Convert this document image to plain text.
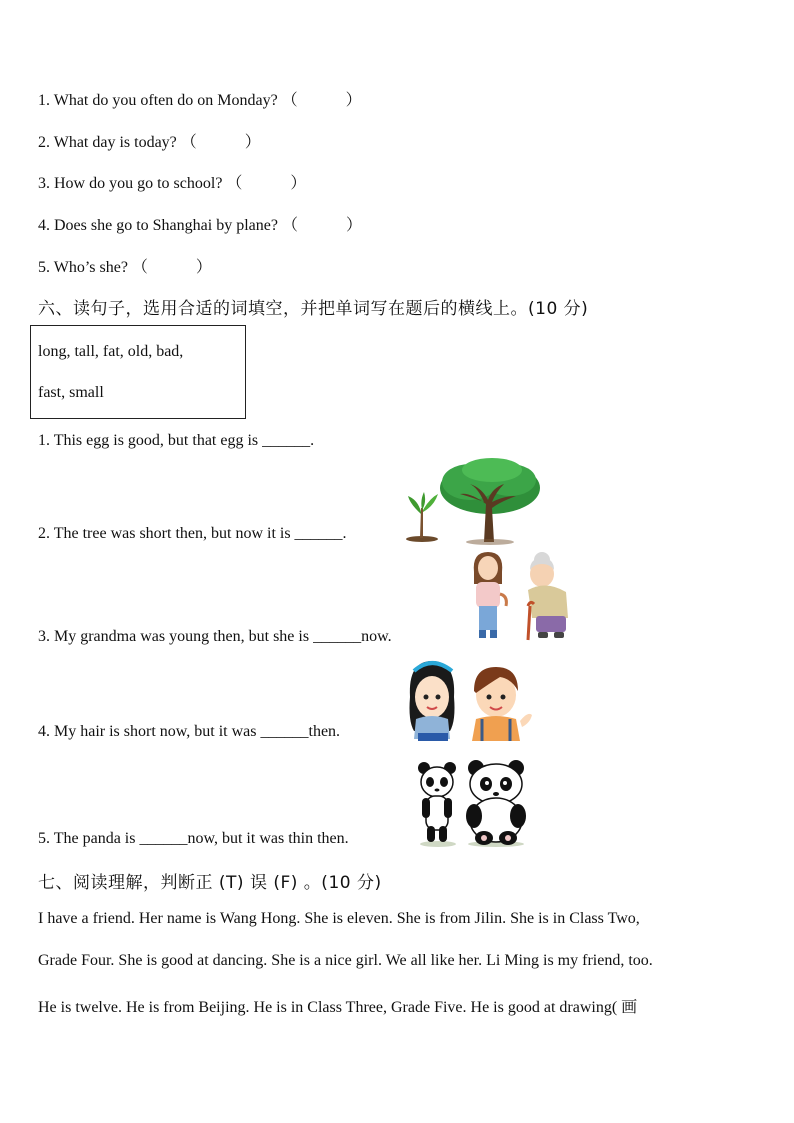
1. What do you often do on Monday? （　　　）
2. What day is today? （　　　）
3. How do you go to school? （　　　）
4. Does she go to Shanghai by plane? （　　　）
5. Who’s she? （　　　）
六、读句子，选用合适的词填空，并把单词写在题后的横线上。(10 分)
long, tall, fat, old, bad,
fast, small
1. This egg is good, but that egg is ______.
2. The tree was short then, but now it is ______.
3. My grandma was young then, but she is ______now.
4. My hair is short now, but it was ______then.
5. The panda is ______now, but it was thin then.
七、阅读理解，判断正 (T) 误 (F) 。(10 分)
I have a friend. Her name is Wang Hong. She is eleven. She is from Jilin. She is in Class Two,
Grade Four. She is good at dancing. She is a nice girl. We all like her. Li Ming is my friend, too.
He is twelve. He is from Beijing. He is in Class Three, Grade Five. He is good at drawing( 画
